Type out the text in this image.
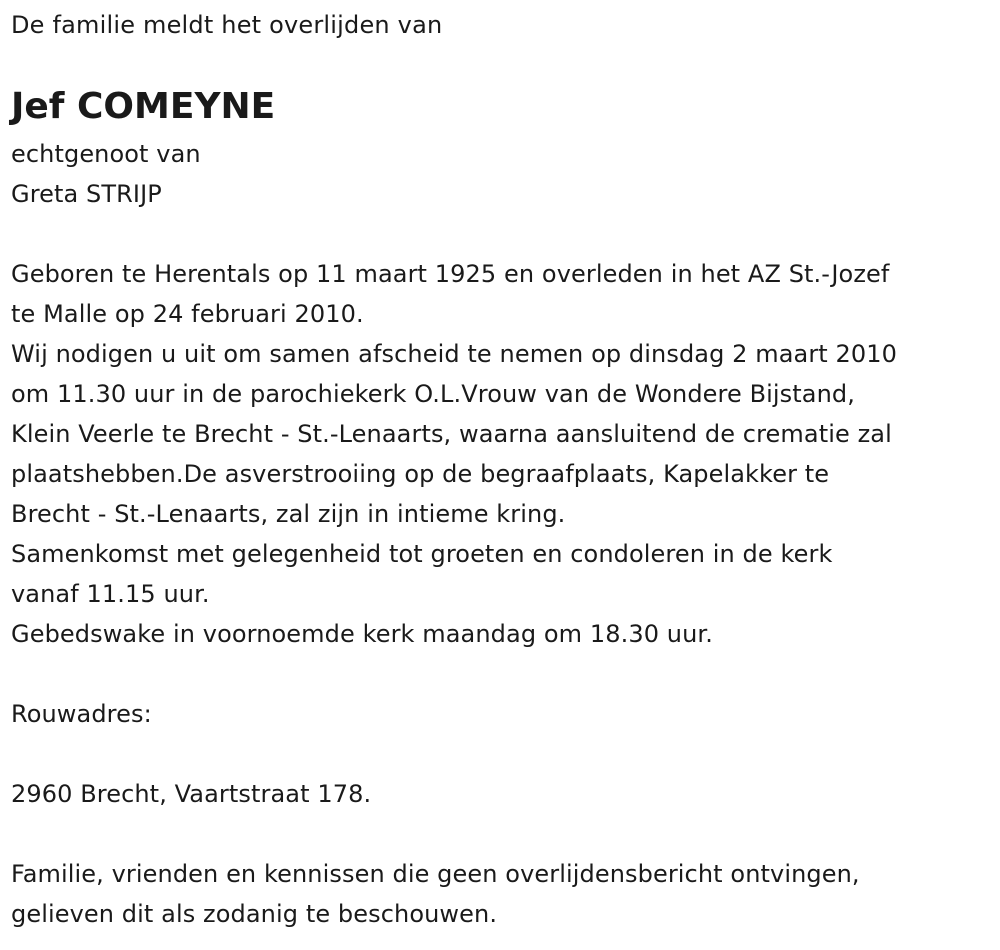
De familie meldt het overlijden van
Jef COMEYNE

echtgenoot van

Greta STRIJP

Geboren te Herentals op 11 maart 1925 en overleden in het AZ St.-Jozef

te Malle op 24 februari 2010.

Wij nodigen u uit om samen afscheid te nemen op dinsdag 2 maart 2010

om 11.30 uur in de parochiekerk O.L.Vrouw van de Wondere Bijstand,

Klein Veerle te Brecht - St.-Lenaarts, waarna aansluitend de crematie zal

plaatshebben.De asverstrooiing op de begraafplaats, Kapelakker te

Brecht - St.-Lenaarts, zal zijn in intieme kring.

Samenkomst met gelegenheid tot groeten en condoleren in de kerk

vanaf 11.15 uur.

Gebedswake in voornoemde kerk maandag om 18.30 uur.

Rouwadres:

2960 Brecht, Vaartstraat 178.

Familie, vrienden en kennissen die geen overlijdensbericht ontvingen,

gelieven dit als zodanig te beschouwen.
